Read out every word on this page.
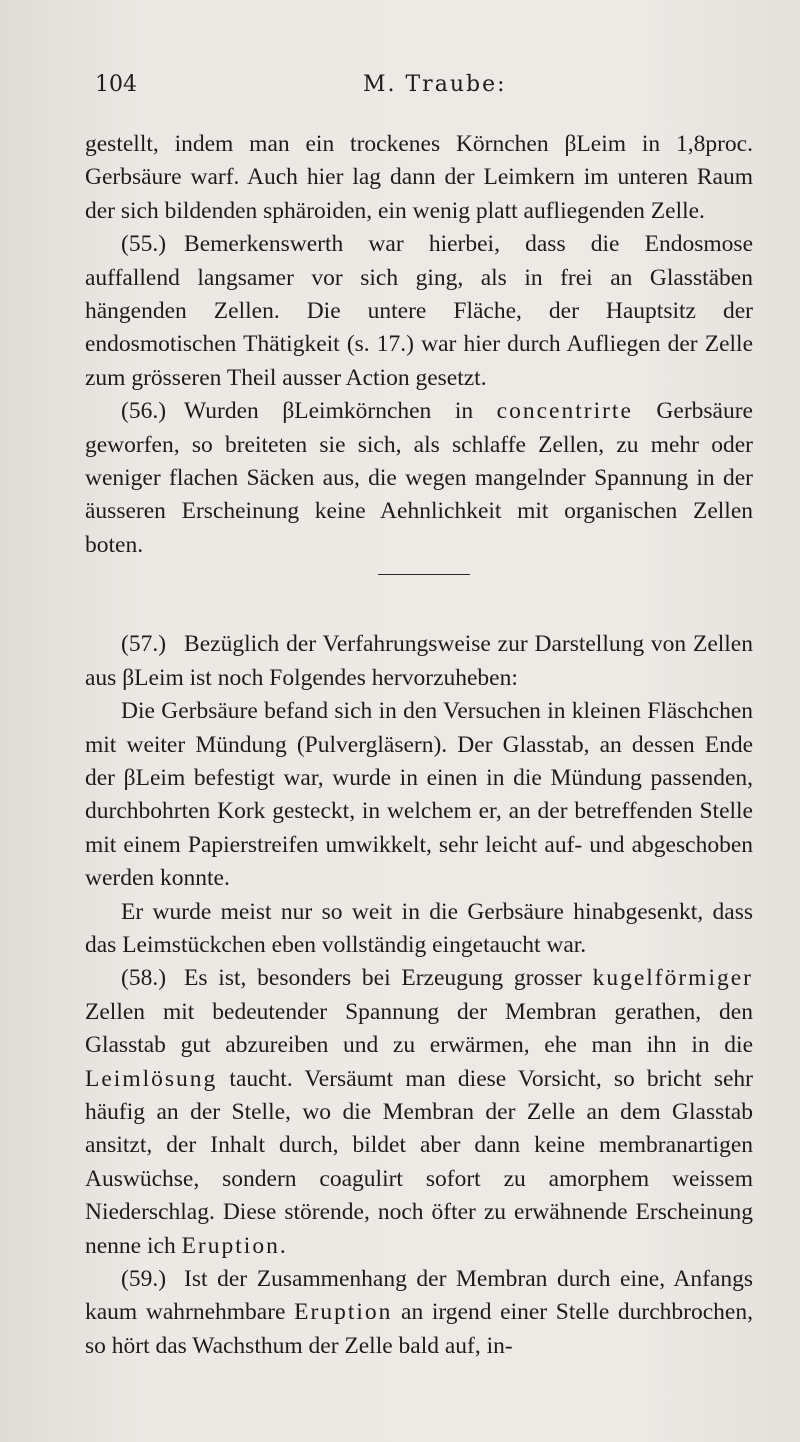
104	M. Traube:

gestellt, indem man ein trockenes Körnchen βLeim in 1,8proc. Gerbsäure warf. Auch hier lag dann der Leimkern im unteren Raum der sich bildenden sphäroiden, ein wenig platt aufliegenden Zelle.

(55.) Bemerkenswerth war hierbei, dass die Endosmose auffallend langsamer vor sich ging, als in frei an Glasstäben hängenden Zellen. Die untere Fläche, der Hauptsitz der endosmotischen Thätigkeit (s. 17.) war hier durch Aufliegen der Zelle zum grösseren Theil ausser Action gesetzt.

(56.) Wurden βLeimkörnchen in concentrirte Gerbsäure geworfen, so breiteten sie sich, als schlaffe Zellen, zu mehr oder weniger flachen Säcken aus, die wegen mangelnder Spannung in der äusseren Erscheinung keine Aehnlichkeit mit organischen Zellen boten.

(57.) Bezüglich der Verfahrungsweise zur Darstellung von Zellen aus βLeim ist noch Folgendes hervorzuheben:

Die Gerbsäure befand sich in den Versuchen in kleinen Fläschchen mit weiter Mündung (Pulvergläsern). Der Glasstab, an dessen Ende der βLeim befestigt war, wurde in einen in die Mündung passenden, durchbohrten Kork gesteckt, in welchem er, an der betreffenden Stelle mit einem Papierstreifen umwikkelt, sehr leicht auf- und abgeschoben werden konnte.

Er wurde meist nur so weit in die Gerbsäure hinabgesenkt, dass das Leimstückchen eben vollständig eingetaucht war.

(58.) Es ist, besonders bei Erzeugung grosser kugelförmiger Zellen mit bedeutender Spannung der Membran gerathen, den Glasstab gut abzureiben und zu erwärmen, ehe man ihn in die Leimlösung taucht. Versäumt man diese Vorsicht, so bricht sehr häufig an der Stelle, wo die Membran der Zelle an dem Glasstab ansitzt, der Inhalt durch, bildet aber dann keine membranartigen Auswüchse, sondern coagulirt sofort zu amorphem weissem Niederschlag. Diese störende, noch öfter zu erwähnende Erscheinung nenne ich Eruption.

(59.) Ist der Zusammenhang der Membran durch eine, Anfangs kaum wahrnehmbare Eruption an irgend einer Stelle durchbrochen, so hört das Wachsthum der Zelle bald auf, in-
